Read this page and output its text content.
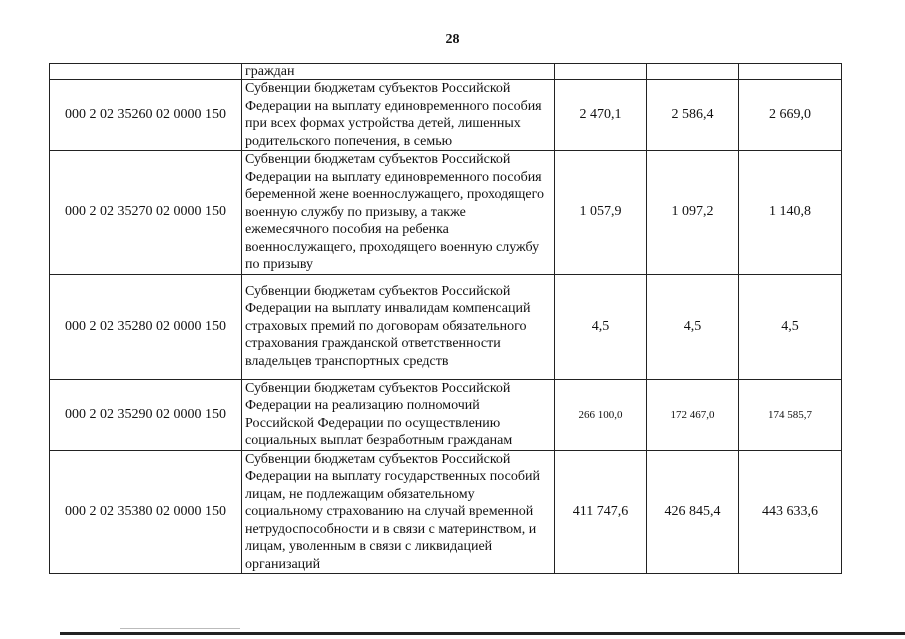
28
	граждан			
000 2 02 35260 02 0000 150	Субвенции бюджетам субъектов Российской Федерации на выплату единовременного пособия при всех формах устройства детей, лишенных родительского попечения, в семью	2 470,1	2 586,4	2 669,0
000 2 02 35270 02 0000 150	Субвенции бюджетам субъектов Российской Федерации на выплату единовременного пособия беременной жене военнослужащего, проходящего военную службу по призыву, а также ежемесячного пособия на ребенка военнослужащего, проходящего военную службу по призыву	1 057,9	1 097,2	1 140,8
000 2 02 35280 02 0000 150	Субвенции бюджетам субъектов Российской Федерации на выплату инвалидам компенсаций страховых премий по договорам обязательного страхования гражданской ответственности владельцев транспортных средств	4,5	4,5	4,5
000 2 02 35290 02 0000 150	Субвенции бюджетам субъектов Российской Федерации на реализацию полномочий Российской Федерации по осуществлению социальных выплат безработным гражданам	266 100,0	172 467,0	174 585,7
000 2 02 35380 02 0000 150	Субвенции бюджетам субъектов Российской Федерации на выплату государственных пособий лицам, не подлежащим обязательному социальному страхованию на случай временной нетрудоспособности и в связи с материнством, и лицам, уволенным в связи с ликвидацией организаций	411 747,6	426 845,4	443 633,6
